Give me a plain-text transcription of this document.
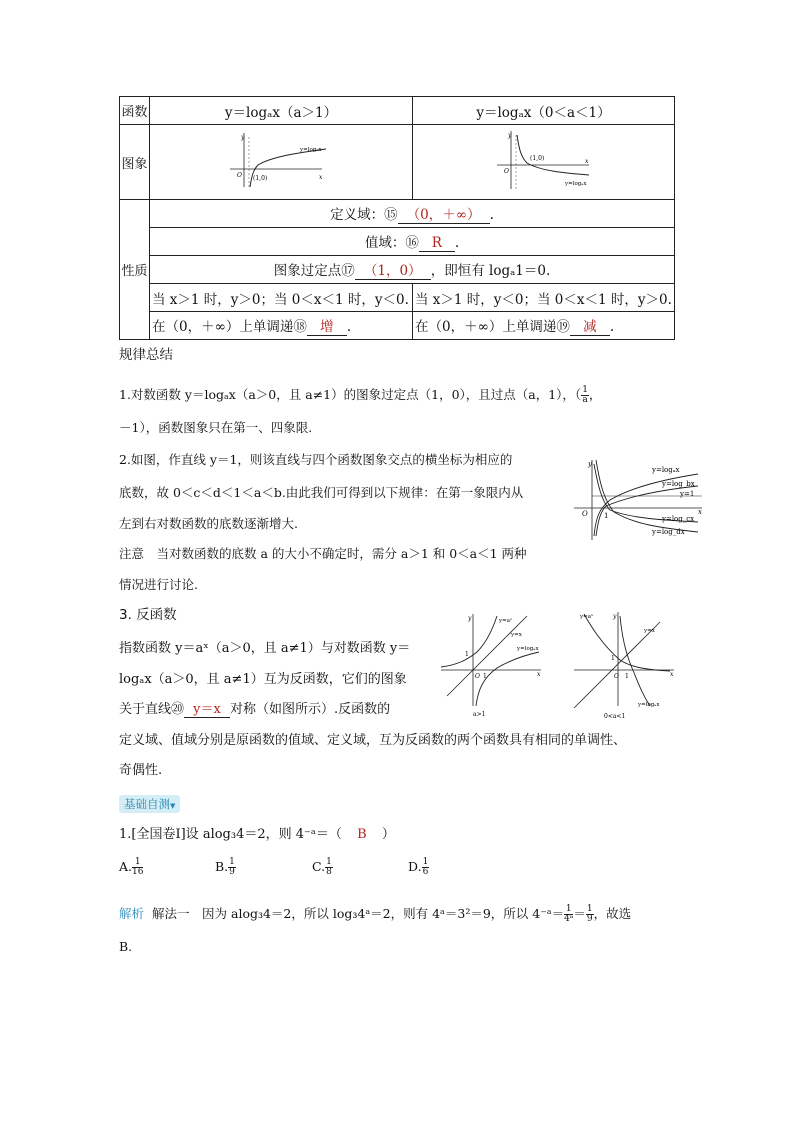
函数	y＝logₐx（a＞1）	y＝logₐx（0＜a＜1）
图象	y
x
O (1,0)
y=logₐx	y
x
O
(1,0)
y=logₐx

性质	定义域：⑮ （0，＋∞） .	
	值域：⑯ R .	
	图象过定点⑰ （1，0） ，即恒有 logₐ1＝0.	
	当 x＞1 时，y＞0；当 0＜x＜1 时，y＜0.	当 x＞1 时，y＜0；当 0＜x＜1 时，y＞0.
	在（0，＋∞）上单调递⑱ 增 .	在（0，＋∞）上单调递⑲ 减 .
规律总结
1.对数函数 y＝logₐx（a＞0，且 a≠1）的图象过定点（1，0），且过点（a，1），（ $\frac{1}{a}$ ，
－1），函数图象只在第一、四象限.
2.如图，作直线 y＝1，则该直线与四个函数图象交点的横坐标为相应的
底数，故 0＜c＜d＜1＜a＜b.由此我们可得到以下规律：在第一象限内从
左到右对数函数的底数逐渐增大.
注意　当对数函数的底数 a 的大小不确定时，需分 a＞1 和 0＜a＜1 两种
情况进行讨论.
y
x
O 1
y=logₐx
y=log_bx
y=1
y=log_cx
y=log_dx
3. 反函数
指数函数 y＝aˣ（a＞0，且 a≠1）与对数函数 y＝
logₐx（a＞0，且 a≠1）互为反函数，它们的图象
关于直线⑳ y＝x 对称（如图所示）.反函数的
定义域、值域分别是原函数的值域、定义域，互为反函数的两个函数具有相同的单调性、
奇偶性.
y
x
O
1
1
y=aˣ
y=x
y=logₐx
a>1
y=aˣ
y=x
y=logₐx
y
x
O
1
1
0<a<1
基础自测▼
1.[全国卷Ⅰ]设 alog₃4＝2，则 4⁻ᵃ＝（ B ）
A. $\frac{1}{16}$	B. $\frac{1}{9}$	C. $\frac{1}{8}$	D. $\frac{1}{6}$
解析 解法一　因为 alog₃4＝2，所以 log₃4ᵃ＝2，则有 4ᵃ＝3²＝9，所以 4⁻ᵃ＝ $\frac{1}{\text{4ᵃ}} = \frac{1}{9}$ ，故选
B.
